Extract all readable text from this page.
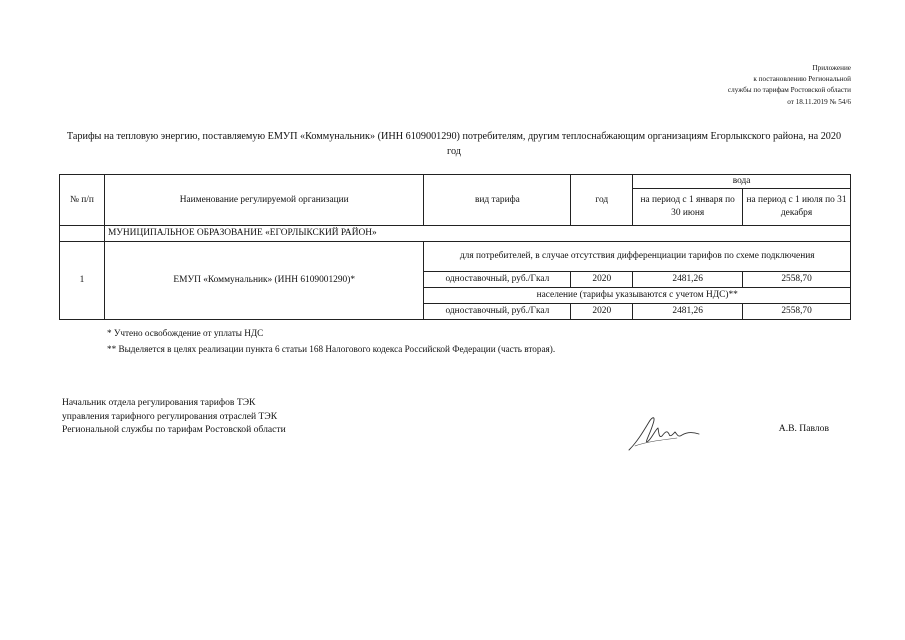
Приложение
к постановлению Региональной
службы по тарифам Ростовской области
от 18.11.2019 № 54/6
Тарифы на тепловую энергию, поставляемую ЕМУП «Коммунальник» (ИНН 6109001290) потребителям, другим теплоснабжающим организациям Егорлыкского района, на 2020 год
№ п/п	Наименование регулируемой организации	вид тарифа	год	вода	
				на период с 1 января по 30 июня	на период с 1 июля по 31 декабря
	МУНИЦИПАЛЬНОЕ ОБРАЗОВАНИЕ «ЕГОРЛЫКСКИЙ РАЙОН»				
1	ЕМУП «Коммунальник» (ИНН 6109001290)*	для потребителей, в случае отсутствия дифференциации тарифов по схеме подключения			
		одноставочный, руб./Гкал	2020	2481,26	2558,70
		население (тарифы указываются с учетом НДС)**			
		одноставочный, руб./Гкал	2020	2481,26	2558,70
* Учтено освобождение от уплаты НДС
** Выделяется в целях реализации пункта 6 статьи 168 Налогового кодекса Российской Федерации (часть вторая).
Начальник отдела регулирования тарифов ТЭК
управления тарифного регулирования отраслей ТЭК
Региональной службы по тарифам Ростовской области	А.В. Павлов
